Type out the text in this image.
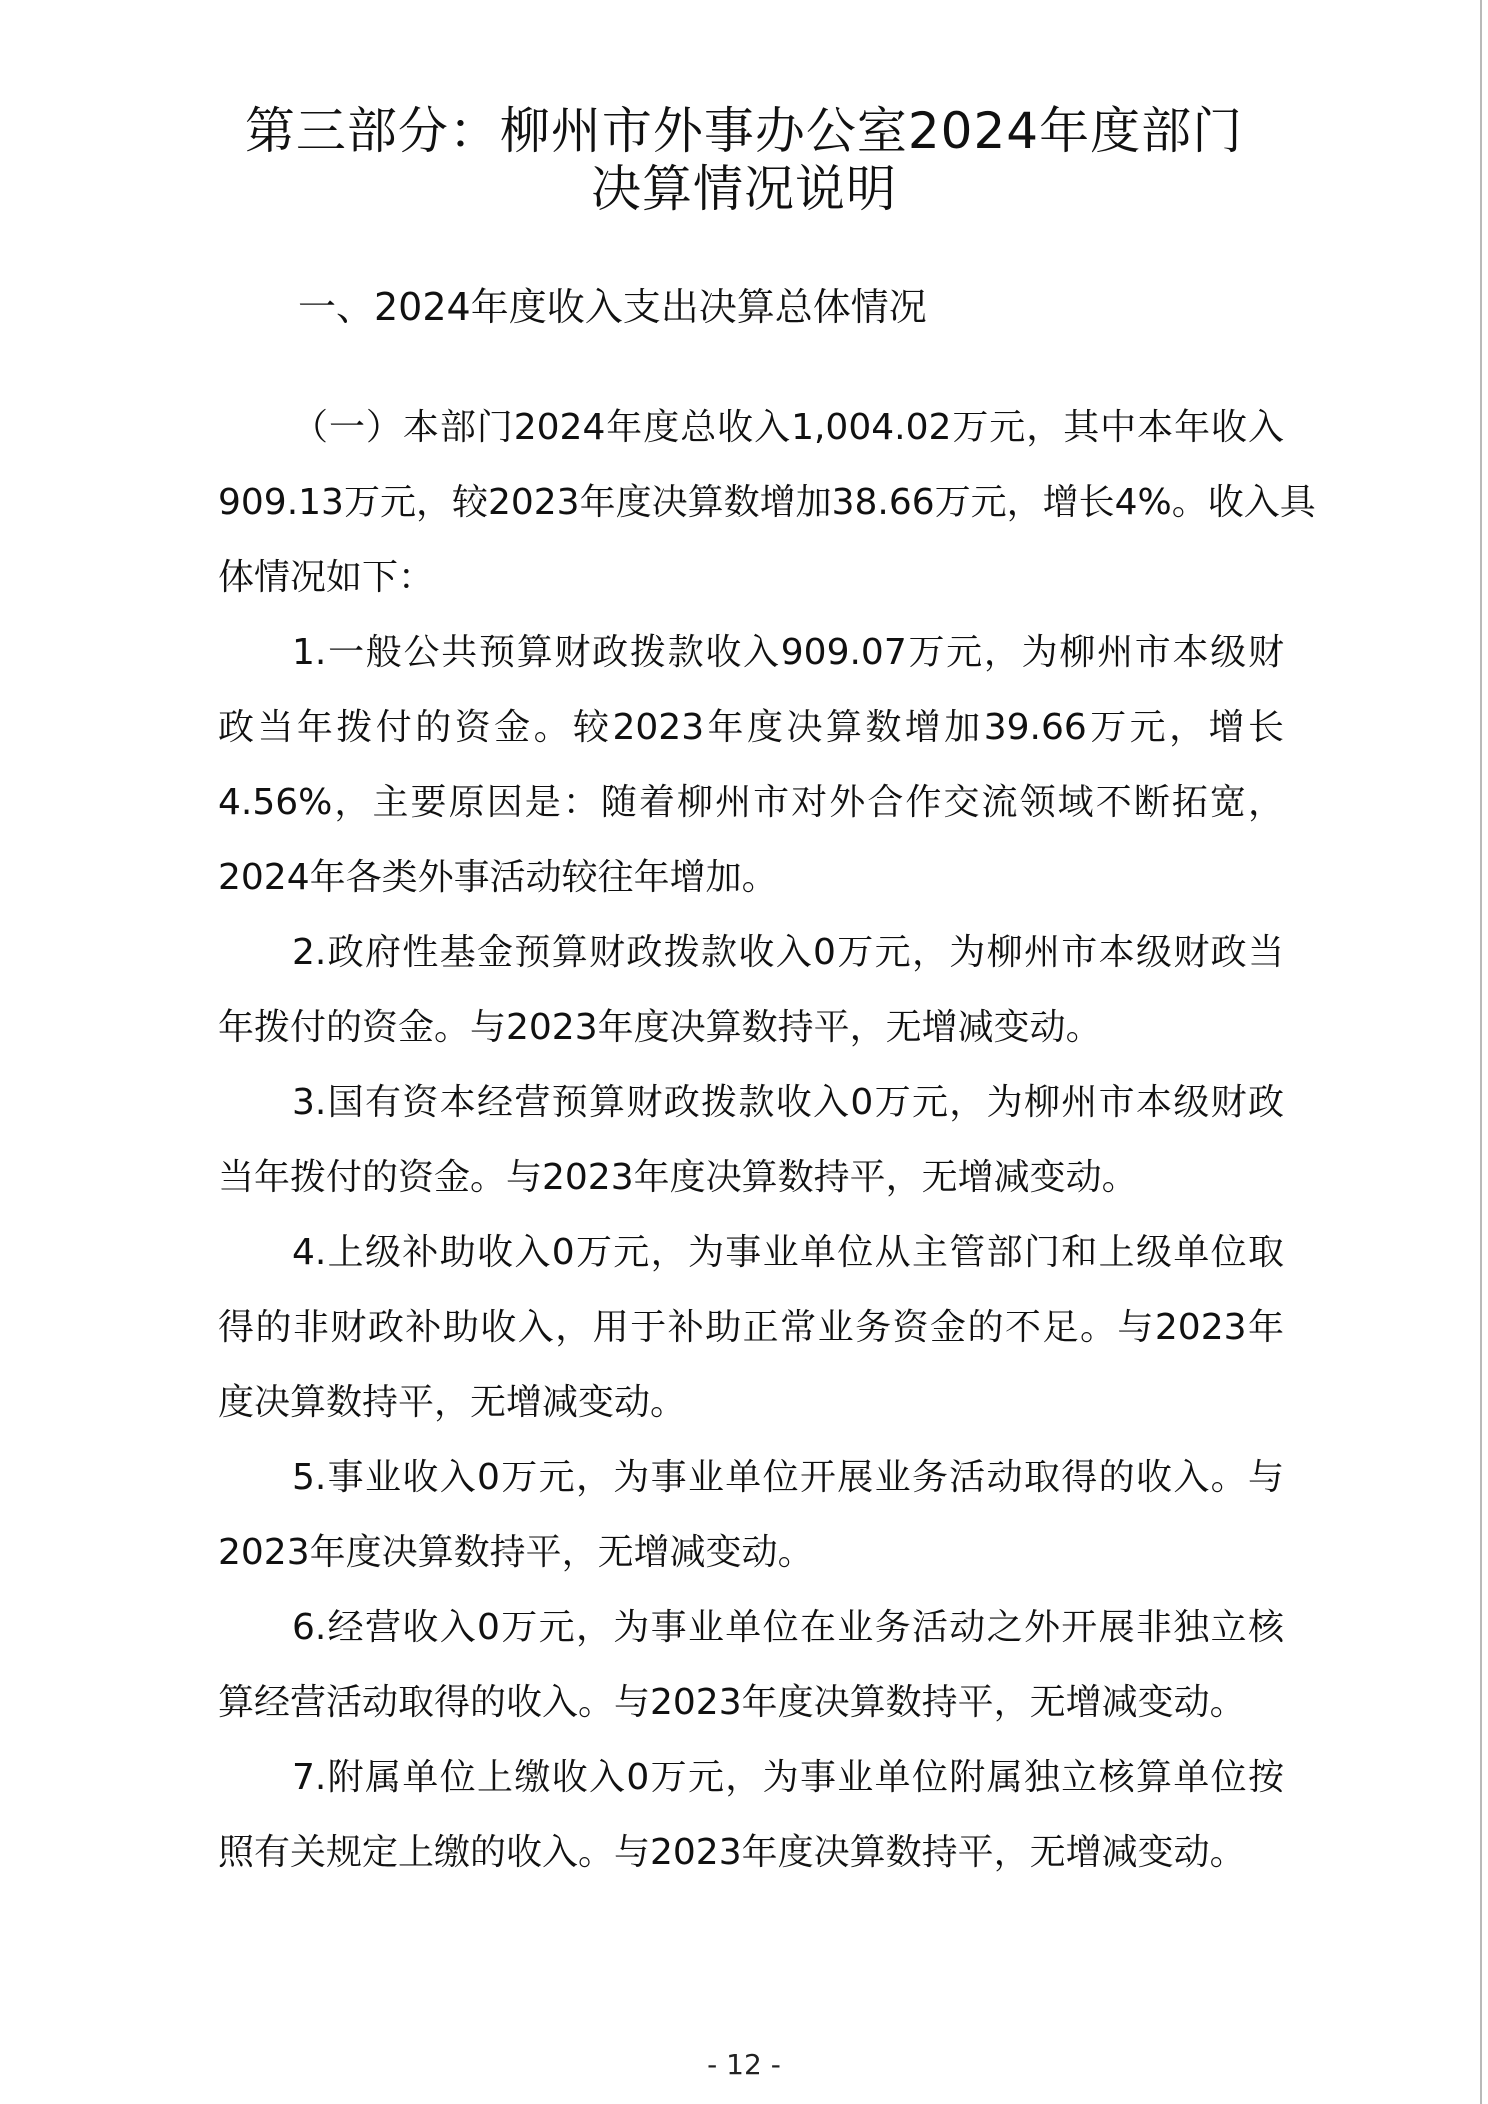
第三部分：柳州市外事办公室2024年度部门
决算情况说明
一、2024年度收入支出决算总体情况
（一）本部门2024年度总收入1,004.02万元，其中本年收入
909.13万元，较2023年度决算数增加38.66万元，增长4%。收入具
体情况如下：
1.一般公共预算财政拨款收入909.07万元，为柳州市本级财
政当年拨付的资金。较2023年度决算数增加39.66万元，增长
4.56%，主要原因是：随着柳州市对外合作交流领域不断拓宽，
2024年各类外事活动较往年增加。
2.政府性基金预算财政拨款收入0万元，为柳州市本级财政当
年拨付的资金。与2023年度决算数持平，无增减变动。
3.国有资本经营预算财政拨款收入0万元，为柳州市本级财政
当年拨付的资金。与2023年度决算数持平，无增减变动。
4.上级补助收入0万元，为事业单位从主管部门和上级单位取
得的非财政补助收入，用于补助正常业务资金的不足。与2023年
度决算数持平，无增减变动。
5.事业收入0万元，为事业单位开展业务活动取得的收入。与
2023年度决算数持平，无增减变动。
6.经营收入0万元，为事业单位在业务活动之外开展非独立核
算经营活动取得的收入。与2023年度决算数持平，无增减变动。
7.附属单位上缴收入0万元，为事业单位附属独立核算单位按
照有关规定上缴的收入。与2023年度决算数持平，无增减变动。
- 12 -
